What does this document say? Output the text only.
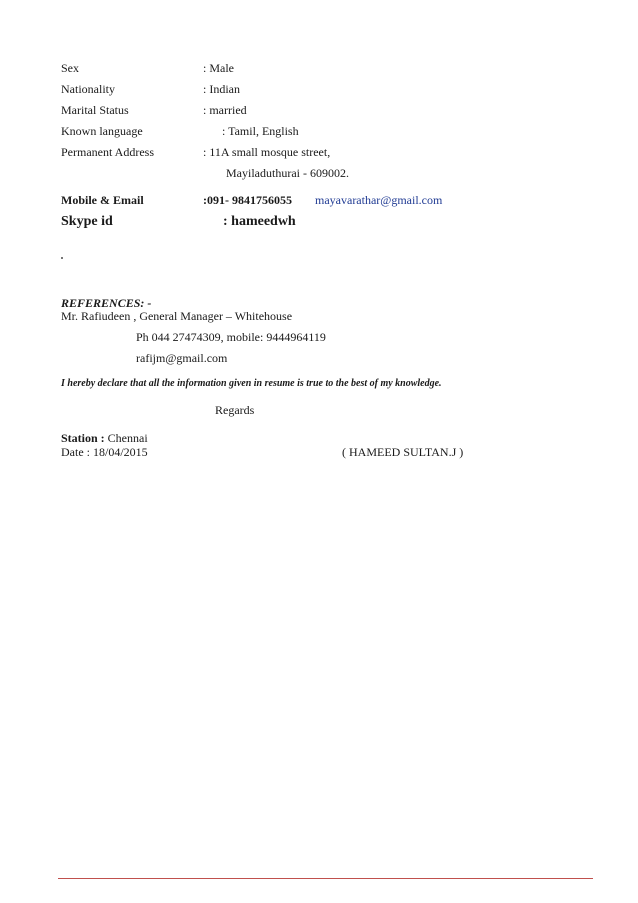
Sex	: Male
Nationality	: Indian
Marital Status	: married
Known language	: Tamil, English
Permanent Address	: 11A small mosque street,
Mayiladuthurai - 609002.
Mobile & Email	:091- 9841756055 mayavarathar@gmail.com
Skype id	: hameedwh
REFERENCES: -
Mr. Rafiudeen , General Manager – Whitehouse
Ph 044 27474309, mobile: 9444964119
rafijm@gmail.com
I hereby declare that all the information given in resume is true to the best of my knowledge.
Regards
Station : Chennai
Date : 18/04/2015	( HAMEED SULTAN.J )
